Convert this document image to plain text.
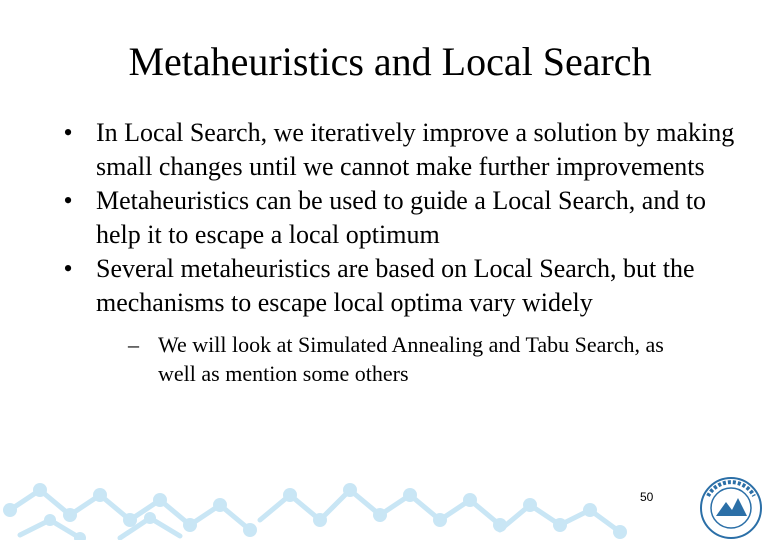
Metaheuristics and Local Search
• In Local Search, we iteratively improve a solution by making small changes until we cannot make further improvements
• Metaheuristics can be used to guide a Local Search, and to help it to escape a local optimum
• Several metaheuristics are based on Local Search, but the mechanisms to escape local optima vary widely
– We will look at Simulated Annealing and Tabu Search, as well as mention some others
50
